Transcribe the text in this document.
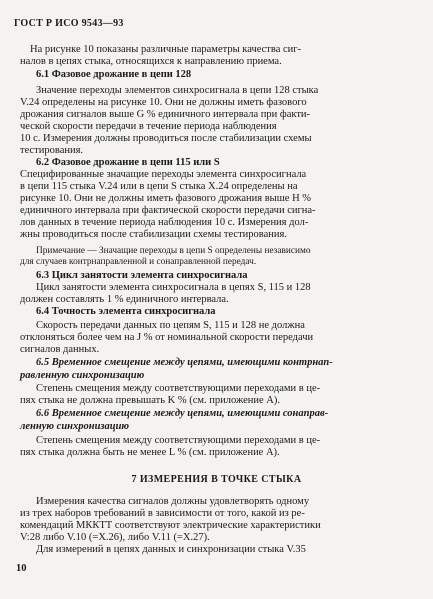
ГОСТ Р ИСО 9543—93
На рисунке 10 показаны различные параметры качества сиг-
налов в цепях стыка, относящихся к направлению приема.
6.1 Фазовое дрожание в цепи 128
Значение переходы элементов синхросигнала в цепи 128 стыка
V.24 определены на рисунке 10. Они не должны иметь фазового
дрожания сигналов выше G % единичного интервала при факти-
ческой скорости передачи в течение периода наблюдения
10 с. Измерения должны проводиться после стабилизации схемы
тестирования.
6.2 Фазовое дрожание в цепи 115 или S
Специфированные значащие переходы элемента синхросигнала
в цепи 115 стыка V.24 или в цепи S стыка X.24 определены на
рисунке 10. Они не должны иметь фазового дрожания выше H %
единичного интервала при фактической скорости передачи сигна-
лов данных в течение периода наблюдения 10 с. Измерения дол-
жны проводиться после стабилизации схемы тестирования.
Примечание — Значащие переходы в цепи S определены независимо
для случаев контрнаправленной и сонаправленной передач.
6.3 Цикл занятости элемента синхросигнала
Цикл занятости элемента синхросигнала в цепях S, 115 и 128
должен составлять 1 % единичного интервала.
6.4 Точность элемента синхросигнала
Скорость передачи данных по цепям S, 115 и 128 не должна
отклоняться более чем на J % от номинальной скорости передачи
сигналов данных.
6.5 Временное смещение между цепями, имеющими контрнап-
равленную синхронизацию
Степень смещения между соответствующими переходами в це-
пях стыка не должна превышать K % (см. приложение А).
6.6 Временное смещение между цепями, имеющими сонаправ-
ленную синхронизацию
Степень смещения между соответствующими переходами в це-
пях стыка должна быть не менее L % (см. приложение А).
Измерения качества сигналов должны удовлетворять одному
из трех наборов требований в зависимости от того, какой из ре-
комендаций МККТТ соответствуют электрические характеристики
V:28 либо V.10 (=X.26), либо V.11 (=X.27).
Для измерений в цепях данных и синхронизации стыка V.35
7 ИЗМЕРЕНИЯ В ТОЧКЕ СТЫКА
10
